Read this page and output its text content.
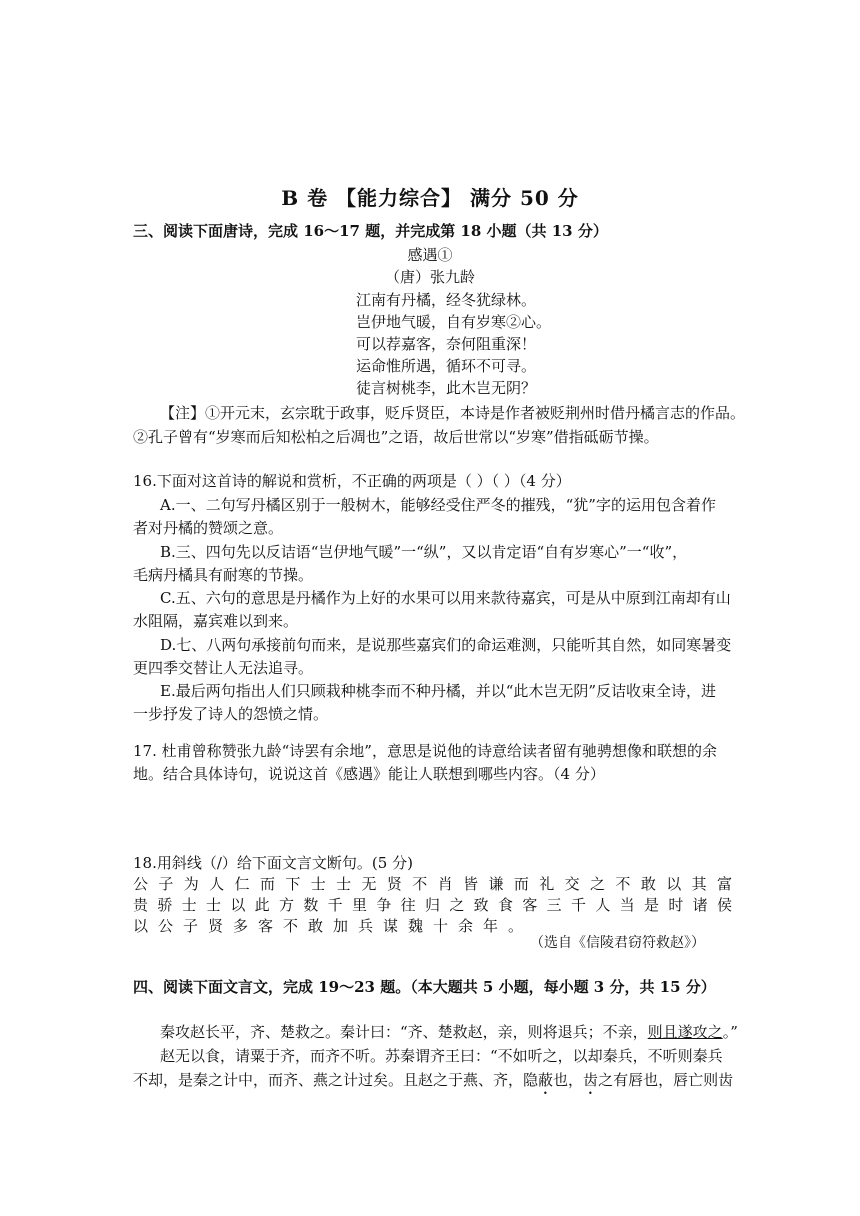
B 卷 【能力综合】 满分 50 分
三、阅读下面唐诗，完成 16～17 题，并完成第 18 小题（共 13 分）
感遇①
（唐）张九龄
江南有丹橘，经冬犹绿林。
岂伊地气暖，自有岁寒②心。
可以荐嘉客，奈何阻重深！
运命惟所遇，循环不可寻。
徒言树桃李，此木岂无阴？
【注】①开元末，玄宗耽于政事，贬斥贤臣，本诗是作者被贬荆州时借丹橘言志的作品。
②孔子曾有“岁寒而后知松柏之后凋也”之语，故后世常以“岁寒”借指砥砺节操。
16.下面对这首诗的解说和赏析，不正确的两项是（ ）（ ）（4 分）
A.一、二句写丹橘区别于一般树木，能够经受住严冬的摧残，“犹”字的运用包含着作
者对丹橘的赞颂之意。
B.三、四句先以反诘语“岂伊地气暖”一“纵”，又以肯定语“自有岁寒心”一“收”，
毛病丹橘具有耐寒的节操。
C.五、六句的意思是丹橘作为上好的水果可以用来款待嘉宾，可是从中原到江南却有山
水阻隔，嘉宾难以到来。
D.七、八两句承接前句而来，是说那些嘉宾们的命运难测，只能听其自然，如同寒暑变
更四季交替让人无法追寻。
E.最后两句指出人们只顾栽种桃李而不种丹橘，并以“此木岂无阴”反诘收束全诗，进
一步抒发了诗人的怨愤之情。
17. 杜甫曾称赞张九龄“诗罢有余地”，意思是说他的诗意给读者留有驰骋想像和联想的余
地。结合具体诗句，说说这首《感遇》能让人联想到哪些内容。（4 分）
18.用斜线（/）给下面文言文断句。(5 分)
公子为人仁而下士士无贤不肖皆谦而礼交之不敢以其富
贵骄士士以此方数千里争往归之致食客三千人当是时诸侯
以公子贤多客不敢加兵谋魏十余年。
（选自《信陵君窃符救赵》）
四、阅读下面文言文，完成 19～23 题。（本大题共 5 小题，每小题 3 分，共 15 分）
秦攻赵长平，齐、楚救之。秦计曰：“齐、楚救赵，亲，则将退兵；不亲，则且遂攻之。”
赵无以食，请粟于齐，而齐不听。苏秦谓齐王曰：“不如听之，以却秦兵，不听则秦兵
不却，是秦之计中，而齐、燕之计过矣。且赵之于燕、齐，隐蔽也，齿之有唇也，唇亡则齿
